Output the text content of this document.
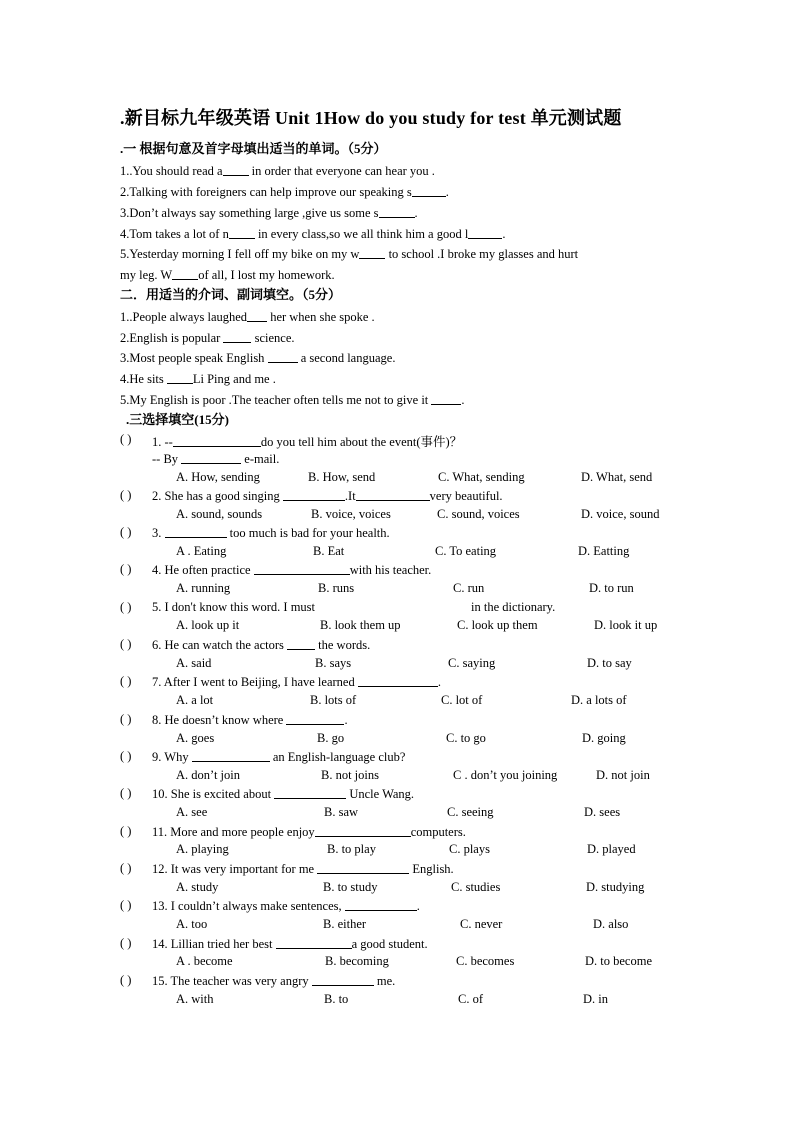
.新目标九年级英语 Unit 1How do you study for test 单元测试题
.一 根据句意及首字母填出适当的单词。（5分）
1..You should read a in order that everyone can hear you .
2.Talking with foreigners can help improve our speaking s	.
3.Don’t always say something large ,give us some s	.
4.Tom takes a lot of n in every class,so we all think him a good l	.
5.Yesterday morning I fell off my bike on my w to school .I broke my glasses and hurt
my leg. W of all, I lost my homework.
二．用适当的介词、副词填空。（5分）
1..People always laughed her when she spoke .
2.English is popular  science.
3.Most people speak English  a second language.
4.He sits Li Ping and me .
5.My English is poor .The teacher often tells me not to give it .
.三选择填空(15分)
( ) 1. --	do you tell him about the event(事件)？
-- By	e-mail.
A. How, sending	B. How, send	C. What, sending	D. What, send
( ) 2. She has a good singing	.It	very beautiful.
A. sound, sounds	B. voice, voices	C. sound, voices	D. voice, sound
( ) 3.	too much is bad for your health.
A . Eating	B. Eat	C. To eating	D. Eatting
( ) 4. He often practice	with his teacher.
A. running	B. runs	C. run	D. to run
( ) 5. I don't know this word. I must	in the dictionary.
A. look up it	B. look them up	C. look up them	D. look it up
( ) 6. He can watch the actors  the words.
A. said	B. says	C. saying	D. to say
( ) 7. After I went to Beijing, I have learned	.
A. a lot	B. lots of	C. lot of	D. a lots of
( ) 8. He doesn’t know where	.
A. goes	B. go	C. to go	D. going
( ) 9. Why	an English-language club?
A. don’t join	B. not joins	C . don’t you joining	D. not join
( ) 10. She is excited about	Uncle Wang.
A. see	B. saw	C. seeing	D. sees
( ) 11. More and more people enjoy	computers.
A. playing	B. to play	C. plays	D. played
( ) 12. It was very important for me	English.
A. study	B. to study	C. studies	D. studying
( ) 13. I couldn’t always make sentences,	.
A. too	B. either	C. never	D. also
( ) 14. Lillian tried her best	a good student.
A . become	B. becoming	C. becomes	D. to become
( ) 15. The teacher was very angry	me.
A. with	B. to	C. of	D. in
